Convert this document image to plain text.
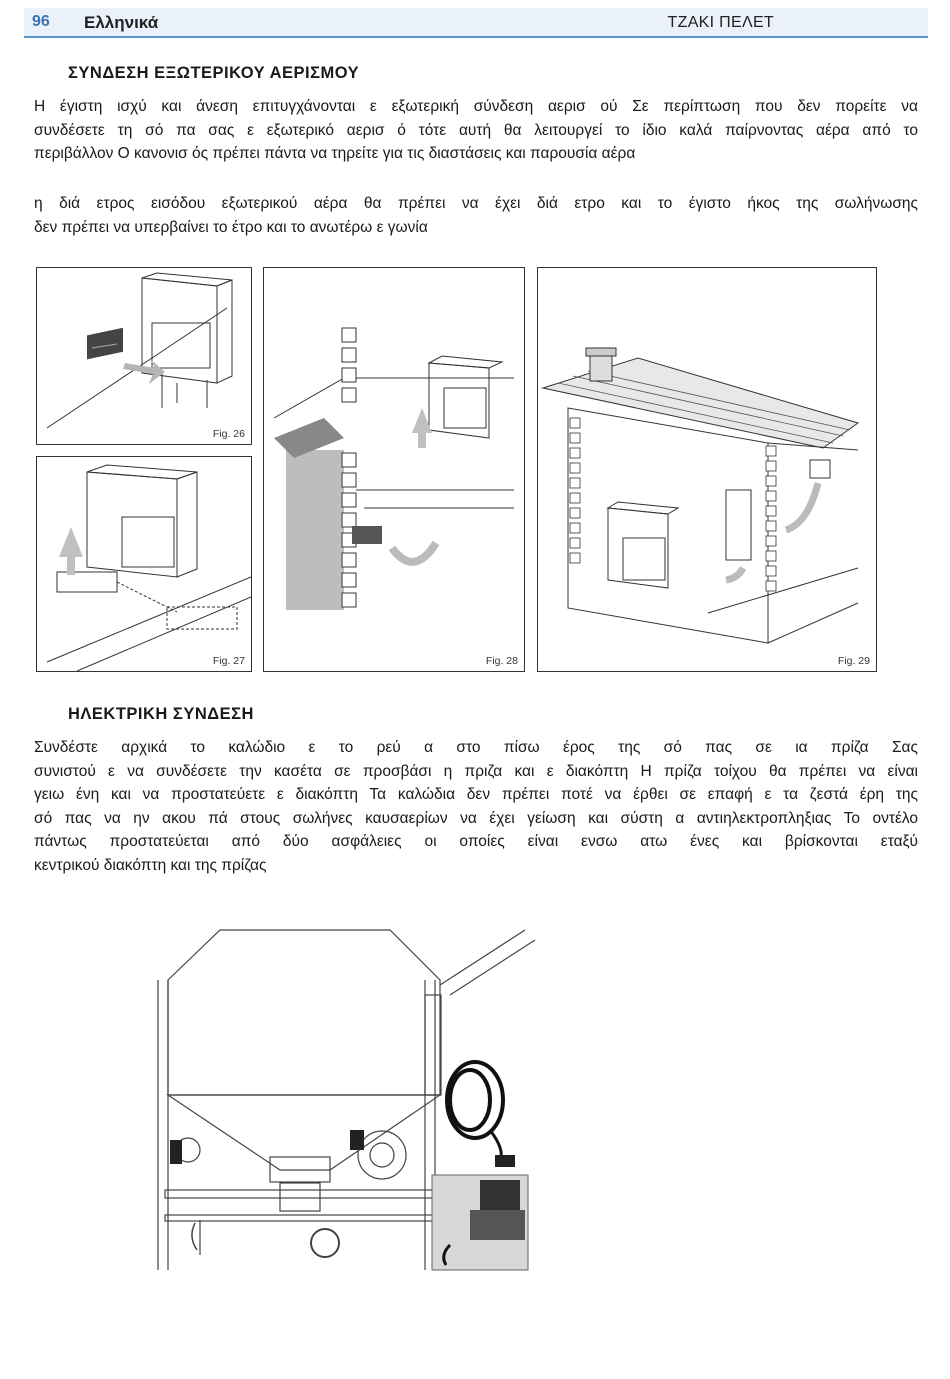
96 Ελληνικά	ΤΖΑΚΙ ΠΕΛΕΤ
ΣΥΝΔΕΣΗ ΕΞΩΤΕΡΙΚΟΥ ΑΕΡΙΣΜΟΥ
Η έγιστη ισχύ και άνεση επιτυγχάνονται ε εξωτερική σύνδεση αερισ ού Σε περίπτωση που δεν πορείτε να
συνδέσετε τη σό πα σας ε εξωτερικό αερισ ό τότε αυτή θα λειτουργεί το ίδιο καλά παίρνοντας αέρα από το
περιβάλλον Ο κανονισ ός πρέπει πάντα να τηρείτε για τις διαστάσεις και παρουσία αέρα
η διά ετρος εισόδου εξωτερικού αέρα θα πρέπει να έχει διά ετρο και το έγιστο ήκος της σωλήνωσης
δεν πρέπει να υπερβαίνει το έτρο και το ανωτέρω ε γωνία
Fig. 26
Fig. 27	Fig. 28	Fig. 29
ΗΛΕΚΤΡΙΚΗ ΣΥΝΔΕΣΗ
Συνδέστε αρχικά το καλώδιο ε το ρεύ α στο πίσω έρος της σό πας σε ια πρίζα Σας
συνιστού ε να συνδέσετε την κασέτα σε προσβάσι η πριζα και ε διακόπτη Η πρίζα τοίχου θα πρέπει να είναι
γειω ένη και να προστατεύετε ε διακόπτη Τα καλώδια δεν πρέπει ποτέ να έρθει σε επαφή ε τα ζεστά έρη της
σό πας να ην ακου πά στους σωλήνες καυσαερίων να έχει γείωση και σύστη α αντιηλεκτροπληξιας Το οντέλο
πάντως προστατεύεται από δύο ασφάλειες οι οποίες είναι ενσω ατω ένες και βρίσκονται εταξύ
κεντρικού διακόπτη και της πρίζας
